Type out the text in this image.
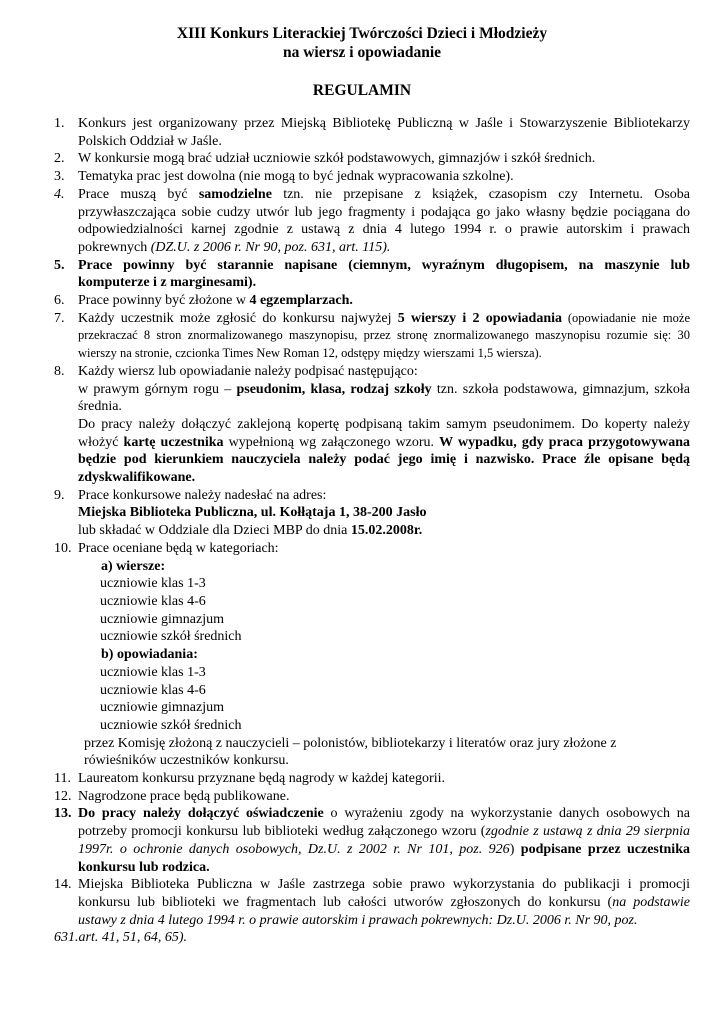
XIII Konkurs Literackiej Twórczości Dzieci i Młodzieży
na wiersz i opowiadanie
REGULAMIN
1. Konkurs jest organizowany przez Miejską Bibliotekę Publiczną w Jaśle i Stowarzyszenie Bibliotekarzy Polskich Oddział w Jaśle.
2. W konkursie mogą brać udział uczniowie szkół podstawowych, gimnazjów i szkół średnich.
3. Tematyka prac jest dowolna (nie mogą to być jednak wypracowania szkolne).
4. Prace muszą być samodzielne tzn. nie przepisane z książek, czasopism czy Internetu. Osoba przywłaszczająca sobie cudzy utwór lub jego fragmenty i podająca go jako własny będzie pociągana do odpowiedzialności karnej zgodnie z ustawą z dnia 4 lutego 1994 r. o prawie autorskim i prawach pokrewnych (DZ.U. z 2006 r. Nr 90, poz. 631, art. 115).
5. Prace powinny być starannie napisane (ciemnym, wyraźnym długopisem, na maszynie lub komputerze i z marginesami).
6. Prace powinny być złożone w 4 egzemplarzach.
7. Każdy uczestnik może zgłosić do konkursu najwyżej 5 wierszy i 2 opowiadania (opowiadanie nie może przekraczać 8 stron znormalizowanego maszynopisu, przez stronę znormalizowanego maszynopisu rozumie się: 30 wierszy na stronie, czcionka Times New Roman 12, odstępy między wierszami 1,5 wiersza).
8. Każdy wiersz lub opowiadanie należy podpisać następująco:
w prawym górnym rogu – pseudonim, klasa, rodzaj szkoły tzn. szkoła podstawowa, gimnazjum, szkoła średnia.
Do pracy należy dołączyć zaklejoną kopertę podpisaną takim samym pseudonimem. Do koperty należy włożyć kartę uczestnika wypełnioną wg załączonego wzoru. W wypadku, gdy praca przygotowywana będzie pod kierunkiem nauczyciela należy podać jego imię i nazwisko. Prace źle opisane będą zdyskwalifikowane.
9. Prace konkursowe należy nadesłać na adres:
Miejska Biblioteka Publiczna, ul. Kołłątaja 1, 38-200 Jasło
lub składać w Oddziale dla Dzieci MBP do dnia 15.02.2008r.
10. Prace oceniane będą w kategoriach:
a) wiersze:
uczniowie klas 1-3
uczniowie klas 4-6
uczniowie gimnazjum
uczniowie szkół średnich
b) opowiadania:
uczniowie klas 1-3
uczniowie klas 4-6
uczniowie gimnazjum
uczniowie szkół średnich
przez Komisję złożoną z nauczycieli – polonistów, bibliotekarzy i literatów oraz jury złożone z rówieśników uczestników konkursu.
11. Laureatom konkursu przyznane będą nagrody w każdej kategorii.
12. Nagrodzone prace będą publikowane.
13. Do pracy należy dołączyć oświadczenie o wyrażeniu zgody na wykorzystanie danych osobowych na potrzeby promocji konkursu lub biblioteki według załączonego wzoru (zgodnie z ustawą z dnia 29 sierpnia 1997r. o ochronie danych osobowych, Dz.U. z 2002 r. Nr 101, poz. 926) podpisane przez uczestnika konkursu lub rodzica.
14. Miejska Biblioteka Publiczna w Jaśle zastrzega sobie prawo wykorzystania do publikacji i promocji konkursu lub biblioteki we fragmentach lub całości utworów zgłoszonych do konkursu (na podstawie ustawy z dnia 4 lutego 1994 r. o prawie autorskim i prawach pokrewnych: Dz.U. 2006 r. Nr 90, poz.
631.art. 41, 51, 64, 65).
